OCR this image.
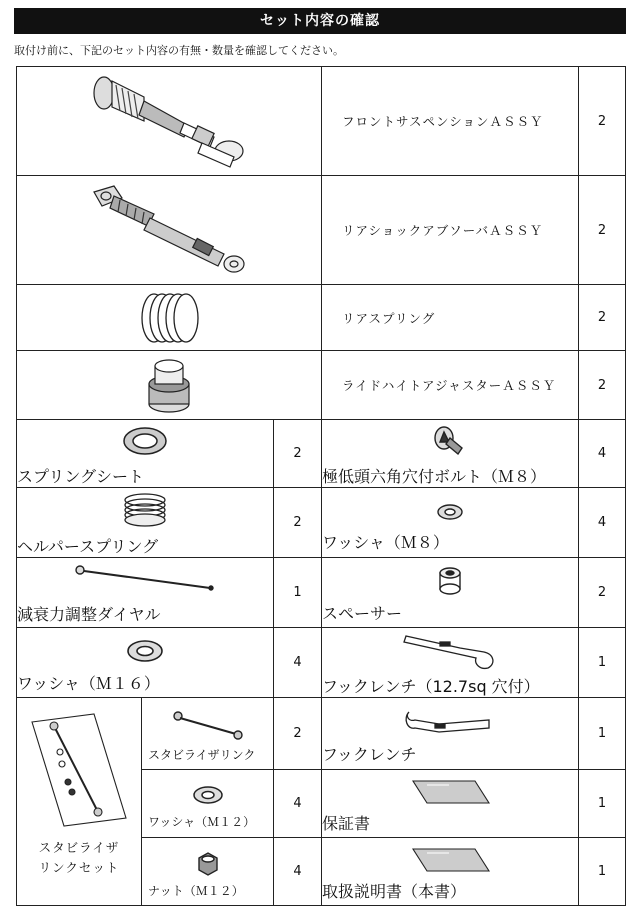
セット内容の確認
取付け前に、下記のセット内容の有無・数量を確認してください。
	フロントサスペンションＡＳＳＹ	2

	リアショックアブソーバＡＳＳＹ	2

	リアスプリング	2

	ライドハイトアジャスターＡＳＳＹ	2

スプリングシート		2	極低頭六角穴付ボルト（Ｍ８）	4

ヘルパースプリング		2	ワッシャ（Ｍ８）	4

減衰力調整ダイヤル		1	スペーサー	2

ワッシャ（Ｍ１６）		4	フックレンチ（12.7sq 穴付）	1

スタビライザ
リンクセット	スタビライザリンク	2	フックレンチ	1

	ワッシャ（Ｍ１２）	4	保証書	1

	ナット（Ｍ１２）	4	取扱説明書（本書）	1
